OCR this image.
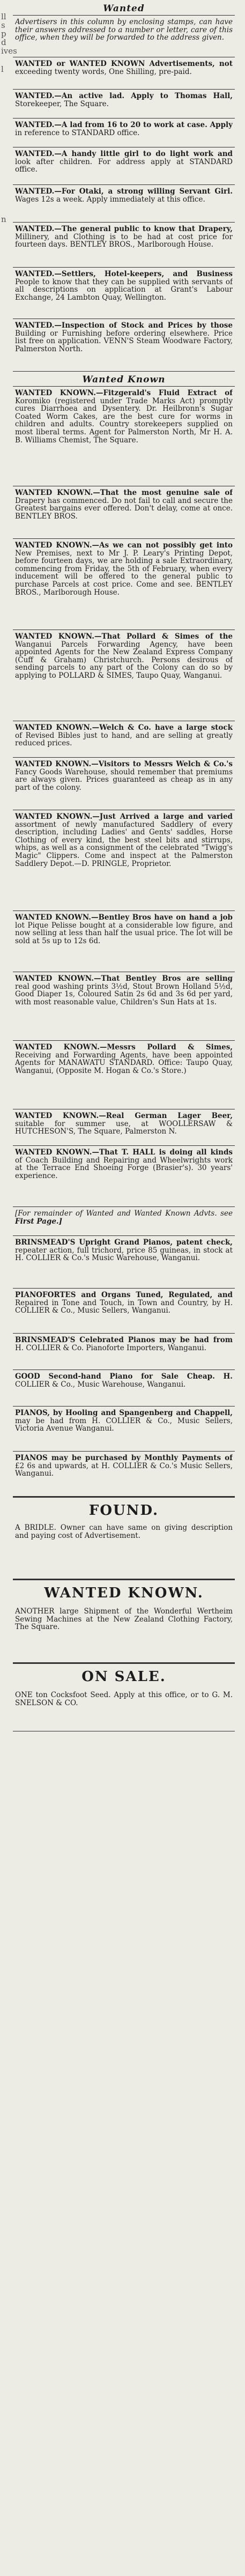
ll
s
p
d
ives
l
n
Wanted
Advertisers in this column by enclosing stamps, can have their answers addressed to a number or letter, care of this office, when they will be forwarded to the address given.
WANTED or WANTED KNOWN Advertisements, not exceeding twenty words, One Shilling, pre-paid.
WANTED.—An active lad. Apply to Thomas Hall, Storekeeper, The Square.
WANTED.—A lad from 16 to 20 to work at case. Apply in reference to STANDARD office.
WANTED.—A handy little girl to do light work and look after children. For address apply at STANDARD office.
WANTED.—For Otaki, a strong willing Servant Girl. Wages 12s a week. Apply immediately at this office.
WANTED.—The general public to know that Drapery, Millinery, and Clothing is to be had at cost price for fourteen days. BENTLEY BROS., Marlborough House.
WANTED.—Settlers, Hotel-keepers, and Business People to know that they can be supplied with servants of all descriptions on application at Grant's Labour Exchange, 24 Lambton Quay, Wellington.
WANTED.—Inspection of Stock and Prices by those Building or Furnishing before ordering elsewhere. Price list free on application. VENN'S Steam Woodware Factory, Palmerston North.
Wanted Known
WANTED KNOWN.—Fitzgerald's Fluid Extract of Koromiko (registered under Trade Marks Act) promptly cures Diarrhoea and Dysentery. Dr. Heilbronn's Sugar Coated Worm Cakes, are the best cure for worms in children and adults. Country storekeepers supplied on most liberal terms. Agent for Palmerston North, Mr H. A. B. Williams Chemist, The Square.
WANTED KNOWN.—That the most genuine sale of Drapery has commenced. Do not fail to call and secure the Greatest bargains ever offered. Don't delay, come at once. BENTLEY BROS.
WANTED KNOWN.—As we can not possibly get into New Premises, next to Mr J. P. Leary's Printing Depot, before fourteen days, we are holding a sale Extraordinary, commencing from Friday, the 5th of February, when every inducement will be offered to the general public to purchase Parcels at cost price. Come and see. BENTLEY BROS., Marlborough House.
WANTED KNOWN.—That Pollard & Simes of the Wanganui Parcels Forwarding Agency, have been appointed Agents for the New Zealand Express Company (Cuff & Graham) Christchurch. Persons desirous of sending parcels to any part of the Colony can do so by applying to POLLARD & SIMES, Taupo Quay, Wanganui.
WANTED KNOWN.—Welch & Co. have a large stock of Revised Bibles just to hand, and are selling at greatly reduced prices.
WANTED KNOWN.—Visitors to Messrs Welch & Co.'s Fancy Goods Warehouse, should remember that premiums are always given. Prices guaranteed as cheap as in any part of the colony.
WANTED KNOWN.—Just Arrived a large and varied assortment of newly manufactured Saddlery of every description, including Ladies' and Gents' saddles, Horse Clothing of every kind, the best steel bits and stirrups, whips, as well as a consignment of the celebrated "Twigg's Magic" Clippers. Come and inspect at the Palmerston Saddlery Depot.—D. PRINGLE, Proprietor.
WANTED KNOWN.—Bentley Bros have on hand a job lot Pique Pelisse bought at a considerable low figure, and now selling at less than half the usual price. The lot will be sold at 5s up to 12s 6d.
WANTED KNOWN.—That Bentley Bros are selling real good washing prints 3½d, Stout Brown Holland 5½d, Good Diaper 1s, Coloured Satin 2s 6d and 3s 6d per yard, with most reasonable value, Children's Sun Hats at 1s.
WANTED KNOWN.—Messrs Pollard & Simes, Receiving and Forwarding Agents, have been appointed Agents for MANAWATU STANDARD. Office: Taupo Quay, Wanganui, (Opposite M. Hogan & Co.'s Store.)
WANTED KNOWN.—Real German Lager Beer, suitable for summer use, at WOOLLERSAW & HUTCHESON'S, The Square, Palmerston N.
WANTED KNOWN.—That T. HALL is doing all kinds of Coach Building and Repairing and Wheelwrights work at the Terrace End Shoeing Forge (Brasier's). 30 years' experience.
[For remainder of Wanted and Wanted Known Advts. see First Page.]
BRINSMEAD'S Upright Grand Pianos, patent check, repeater action, full trichord, price 85 guineas, in stock at H. COLLIER & Co.'s Music Warehouse, Wanganui.
PIANOFORTES and Organs Tuned, Regulated, and Repaired in Tone and Touch, in Town and Country, by H. COLLIER & Co., Music Sellers, Wanganui.
BRINSMEAD'S Celebrated Pianos may be had from H. COLLIER & Co. Pianoforte Importers, Wanganui.
GOOD Second-hand Piano for Sale Cheap. H. COLLIER & Co., Music Warehouse, Wanganui.
PIANOS, by Hooling and Spangenberg and Chappell, may be had from H. COLLIER & Co., Music Sellers, Victoria Avenue Wanganui.
PIANOS may be purchased by Monthly Payments of £2 6s and upwards, at H. COLLIER & Co.'s Music Sellers, Wanganui.
FOUND.
A BRIDLE. Owner can have same on giving description and paying cost of Advertisement.
WANTED KNOWN.
ANOTHER large Shipment of the Wonderful Wertheim Sewing Machines at the New Zealand Clothing Factory, The Square.
ON SALE.
ONE ton Cocksfoot Seed. Apply at this office, or to G. M. SNELSON & CO.
